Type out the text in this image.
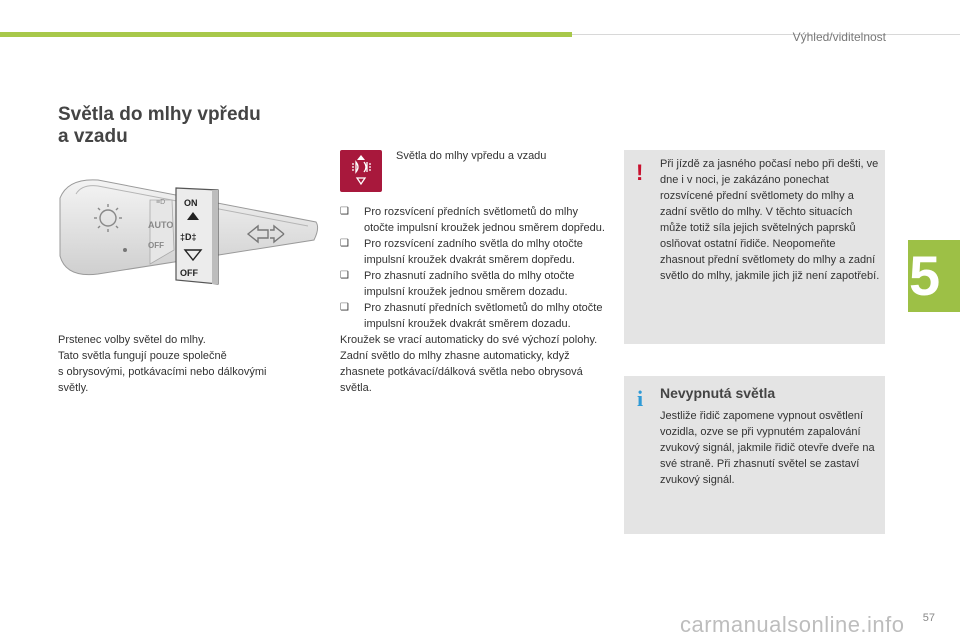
Výhled/viditelnost
5
Světla do mlhy vpředu
a vzadu
≡D
AUTO
OFF
ON
‡D‡
OFF
Prstenec volby světel do mlhy.
Tato světla fungují pouze společně
s obrysovými, potkávacími nebo dálkovými
světly.
Světla do mlhy vpředu a vzadu

❑ Pro rozsvícení předních světlometů do mlhy otočte impulsní kroužek jednou směrem dopředu.

❑ Pro rozsvícení zadního světla do mlhy otočte impulsní kroužek dvakrát směrem dopředu.

❑ Pro zhasnutí zadního světla do mlhy otočte impulsní kroužek jednou směrem dozadu.

❑ Pro zhasnutí předních světlometů do mlhy otočte impulsní kroužek dvakrát směrem dozadu.

Kroužek se vrací automaticky do své výchozí polohy.

Zadní světlo do mlhy zhasne automaticky, když zhasnete potkávací/dálková světla nebo obrysová světla.

! Při jízdě za jasného počasí nebo při dešti, ve dne i v noci, je zakázáno ponechat rozsvícené přední světlomety do mlhy a zadní světlo do mlhy. V těchto situacích může totiž síla jejich světelných paprsků oslňovat ostatní řidiče. Neopomeňte zhasnout přední světlomety do mlhy a zadní světlo do mlhy, jakmile jich již není zapotřebí.
i Nevypnutá světla
Jestliže řidič zapomene vypnout osvětlení vozidla, ozve se při vypnutém zapalování zvukový signál, jakmile řidič otevře dveře na své straně. Při zhasnutí světel se zastaví zvukový signál.
carmanualsonline.info 57
